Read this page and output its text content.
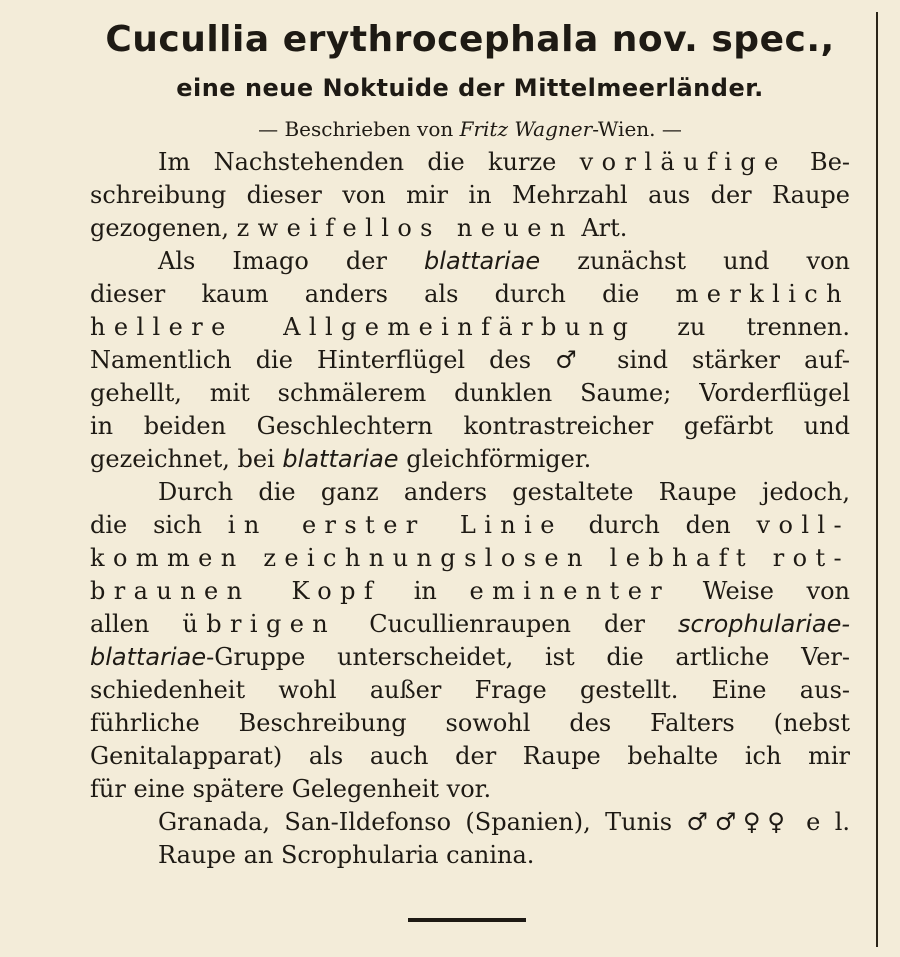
Cucullia erythrocephala nov. spec.,
eine neue Noktuide der Mittelmeerländer.
— Beschrieben von Fritz Wagner-Wien. —
Im Nachstehenden die kurze vorläufige Be-
schreibung dieser von mir in Mehrzahl aus der Raupe
gezogenen, zweifellos neuen Art.
Als Imago der blattariae zunächst und von
dieser kaum anders als durch die merklich
hellere Allgemeinfärbung zu trennen.
Namentlich die Hinterflügel des ♂ sind stärker auf-
gehellt, mit schmälerem dunklen Saume; Vorderflügel
in beiden Geschlechtern kontrastreicher gefärbt und
gezeichnet, bei blattariae gleichförmiger.
Durch die ganz anders gestaltete Raupe jedoch,
die sich in erster Linie durch den voll-
kommen zeichnungslosen lebhaft rot-
braunen Kopf in eminenter Weise von
allen übrigen Cucullienraupen der scrophulariae-
blattariae-Gruppe unterscheidet, ist die artliche Ver-
schiedenheit wohl außer Frage gestellt. Eine aus-
führliche Beschreibung sowohl des Falters (nebst
Genitalapparat) als auch der Raupe behalte ich mir
für eine spätere Gelegenheit vor.
Granada, San-Ildefonso (Spanien), Tunis ♂♂♀♀ e l.
Raupe an Scrophularia canina.
